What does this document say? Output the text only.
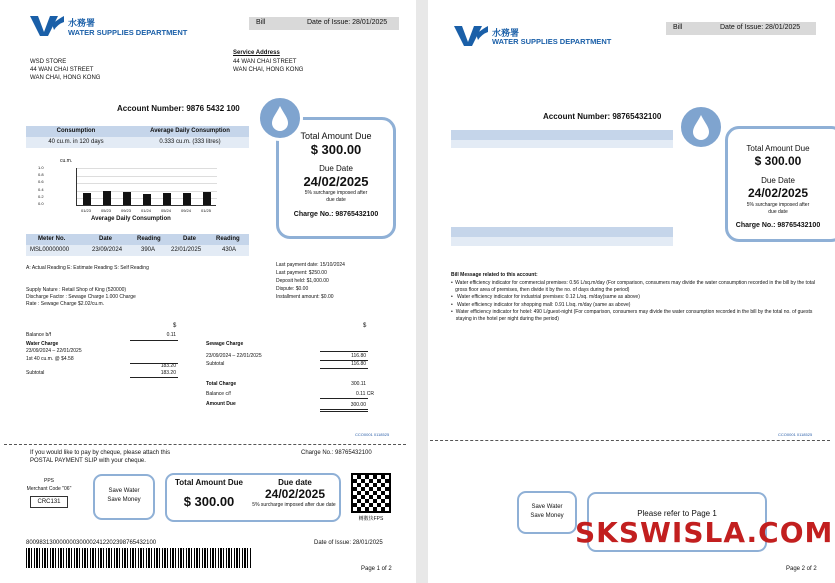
水務署
WATER SUPPLIES DEPARTMENT
Bill	Date of Issue: 28/01/2025
WSD STORE
44 WAN CHAI STREET
WAN CHAI, HONG KONG
Service Address
44 WAN CHAI STREET
WAN CHAI, HONG KONG
Account Number: 9876 5432 100
Consumption	Average Daily Consumption
40 cu.m. in 120 days	0.333 cu.m. (333 litres)
cu.m.
1.0
0.8
0.6
0.4
0.2
0.0
01/23	05/23	09/23	01/24	05/24	09/24	01/25
Average Daily Consumption
Meter No.	Date	Reading	Date	Reading
MSL00000000	23/09/2024	390A	22/01/2025	430A
A: Actual Reading E: Estimate Reading S: Self Reading
Supply Nature : Retail Shop of King (520000)
Discharge Factor : Sewage Charge 1.000 Charge
Rate : Sewage Charge $2.02/cu.m.
Last payment date: 15/10/2024
Last payment: $250.00
Deposit held: $1,000.00
Dispute: $0.00
Installment amount: $0.00
$
Balance b/f	0.11
Water Charge
23/09/2024 – 22/01/2025
1st 40 cu.m. @ $4.58
183.20
Subtotal	183.20
$
Sewage Charge
23/09/2024 – 22/01/2025	116.80
Subtotal	116.80
Total Charge	300.11
Balance c/f	0.11 CR
Amount Due	300.00
Total Amount Due
$ 300.00
Due Date
24/02/2025
5% surcharge imposed after due date
Charge No.: 98765432100
CCO0001 0118525
If you would like to pay by cheque, please attach this
POSTAL PAYMENT SLIP with your cheque.
Charge No.: 98765432100
PPS
Merchant Code "06"
CRC131
Save Water
Save Money
Total Amount Due
$ 300.00
Due date
24/02/2025
5% surcharge imposed after due date
轉數快FPS
800983130000000300002412202398765432100	Date of Issue: 28/01/2025
Page 1 of 2
水務署
WATER SUPPLIES DEPARTMENT
Bill	Date of Issue: 28/01/2025
Account Number: 98765432100
Total Amount Due
$ 300.00
Due Date
24/02/2025
5% surcharge imposed after due date
Charge No.: 98765432100
Bill Message related to this account:
• Water efficiency indicator for commercial premises: 0.56 L/sq.m/day (For comparison, consumers may divide the water consumption recorded in the bill by the total gross floor area of premises, then divide it by the no. of days during the period)
• Water efficiency indicator for industrial premises: 0.12 L/sq. m/day(same as above)
• Water efficiency indicator for shopping mall: 0.91 L/sq. m/day (same as above)
• Water efficiency indicator for hotel: 490 L/guest-night (For comparison, consumers may divide the water consumption recorded in the bill by the total no. of guests staying in the hotel per night during the period)
CCO0001 0118525
Save Water
Save Money	Please refer to Page 1
SKSWISLA.COM
Page 2 of 2
